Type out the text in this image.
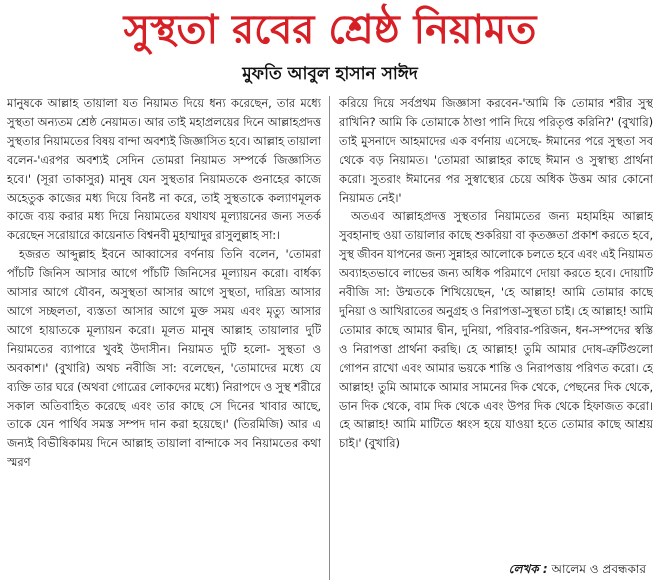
সুস্থতা রবের শ্রেষ্ঠ নিয়ামত
মুফতি আবুল হাসান সাঈদ

মানুষকে আল্লাহ তায়ালা যত নিয়ামত দিয়ে ধন্য করেছেন, তার মধ্যে সুস্থতা অন্যতম শ্রেষ্ঠ নেয়ামত। আর তাই মহাপ্রলয়ের দিনে আল্লাহপ্রদত্ত সুস্থতার নিয়ামতের বিষয় বান্দা অবশ্যই জিজ্ঞাসিত হবে। আল্লাহ তায়ালা বলেন-'এরপর অবশ্যই সেদিন তোমরা নিয়ামত সম্পর্কে জিজ্ঞাসিত হবে।' (সূরা তাকাসুর) মানুষ যেন সুস্থতার নিয়ামতকে গুনাহের কাজে অহেতুক কাজের মধ্য দিয়ে বিনষ্ট না করে, তাই সুস্থতাকে কল্যাণমূলক কাজে ব্যয় করার মধ্য দিয়ে নিয়ামতের যথাযথ মূল্যায়নের জন্য সতর্ক করেছেন সরোয়ারে কায়েনাত বিশ্বনবী মুহাম্মাদুর রাসুলুল্লাহ সা:।

হজরত আব্দুল্লাহ ইবনে আব্বাসের বর্ণনায় তিনি বলেন, 'তোমরা পাঁচটি জিনিস আসার আগে পাঁচটি জিনিসের মূল্যায়ন করো। বার্ধক্য আসার আগে যৌবন, অসুস্থতা আসার আগে সুস্থতা, দারিদ্র্য আসার আগে সচ্ছলতা, ব্যস্ততা আসার আগে মুক্ত সময় এবং মৃত্যু আসার আগে হায়াতকে মূল্যায়ন করো। মূলত মানুষ আল্লাহ তায়ালার দুটি নিয়ামতের ব্যাপারে খুবই উদাসীন। নিয়ামত দুটি হলো- সুস্থতা ও অবকাশ।' (বুখারি) অথচ নবীজি সা: বলেছেন, 'তোমাদের মধ্যে যে ব্যক্তি তার ঘরে (অথবা গোত্রের লোকদের মধ্যে) নিরাপদে ও সুস্থ শরীরে সকাল অতিবাহিত করেছে এবং তার কাছে সে দিনের খাবার আছে, তাকে যেন পার্থিব সমস্ত সম্পদ দান করা হয়েছে।' (তিরমিজি) আর এ জন্যই বিভীষিকাময় দিনে আল্লাহ তায়ালা বান্দাকে সব নিয়ামতের কথা স্মরণ

করিয়ে দিয়ে সর্বপ্রথম জিজ্ঞাসা করবেন-'আমি কি তোমার শরীর সুস্থ রাখিনি? আমি কি তোমাকে ঠাণ্ডা পানি দিয়ে পরিতৃপ্ত করিনি?' (বুখারি) তাই মুসনাদে আহমাদের এক বর্ণনায় এসেছে- ঈমানের পরে সুস্থতা সব থেকে বড় নিয়ামত। 'তোমরা আল্লাহর কাছে ঈমান ও সুস্বাস্থ্য প্রার্থনা করো। সুতরাং ঈমানের পর সুস্বাস্থ্যের চেয়ে অধিক উত্তম আর কোনো নিয়ামত নেই।'

অতএব আল্লাহপ্রদত্ত সুস্থতার নিয়ামতের জন্য মহামহিম আল্লাহ সুবহানাহু ওয়া তায়ালার কাছে শুকরিয়া বা কৃতজ্ঞতা প্রকাশ করতে হবে, সুস্থ জীবন যাপনের জন্য সুন্নাহর আলোকে চলতে হবে এবং এই নিয়ামত অব্যাহতভাবে লাভের জন্য অধিক পরিমাণে দোয়া করতে হবে। দোয়াটি নবীজি সা: উম্মতকে শিখিয়েছেন, 'হে আল্লাহ! আমি তোমার কাছে দুনিয়া ও আখিরাতের অনুগ্রহ ও নিরাপত্তা-সুস্থতা চাই। হে আল্লাহ! আমি তোমার কাছে আমার দ্বীন, দুনিয়া, পরিবার-পরিজন, ধন-সম্পদের স্বস্তি ও নিরাপত্তা প্রার্থনা করছি। হে আল্লাহ! তুমি আমার দোষ-ত্রুটিগুলো গোপন রাখো এবং আমার ভয়কে শান্তি ও নিরাপত্তায় পরিণত করো। হে আল্লাহ! তুমি আমাকে আমার সামনের দিক থেকে, পেছনের দিক থেকে, ডান দিক থেকে, বাম দিক থেকে এবং উপর দিক থেকে হিফাজত করো। হে আল্লাহ! আমি মাটিতে ধ্বংস হয়ে যাওয়া হতে তোমার কাছে আশ্রয় চাই।' (বুখারি)

লেখক : আলেম ও প্রবন্ধকার
